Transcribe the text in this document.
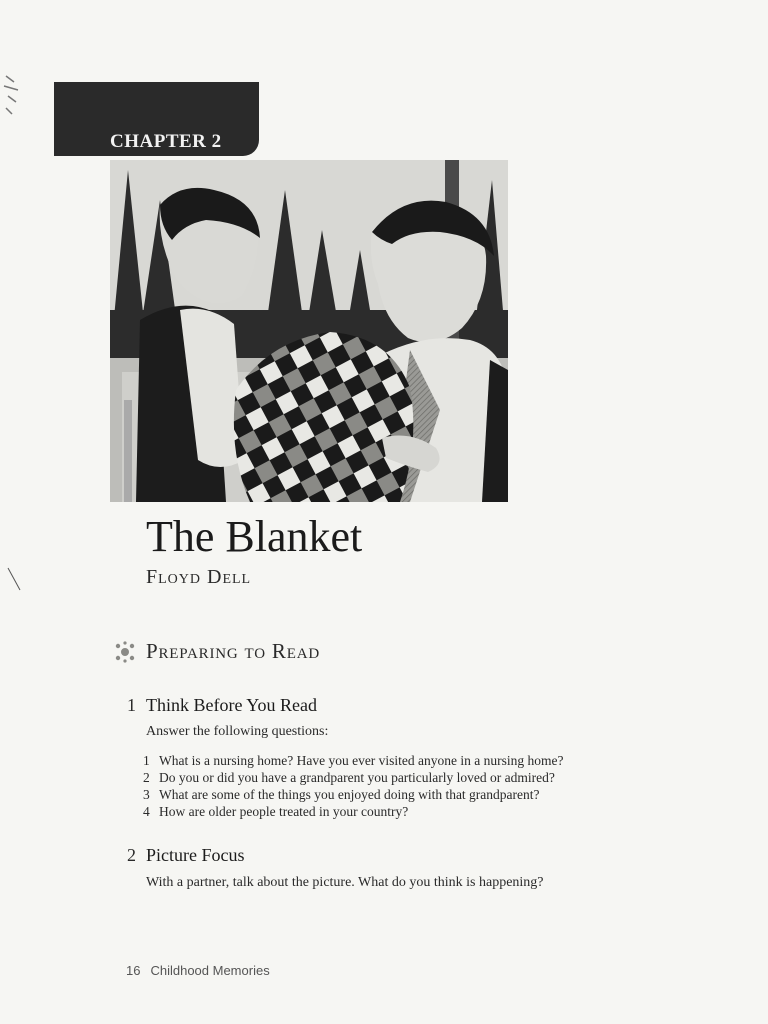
CHAPTER 2
The Blanket
Floyd Dell
Preparing to Read
1 Think Before You Read
Answer the following questions:
1 What is a nursing home? Have you ever visited anyone in a nursing home?
2 Do you or did you have a grandparent you particularly loved or admired?
3 What are some of the things you enjoyed doing with that grandparent?
4 How are older people treated in your country?
2 Picture Focus
With a partner, talk about the picture. What do you think is happening?
16 Childhood Memories
